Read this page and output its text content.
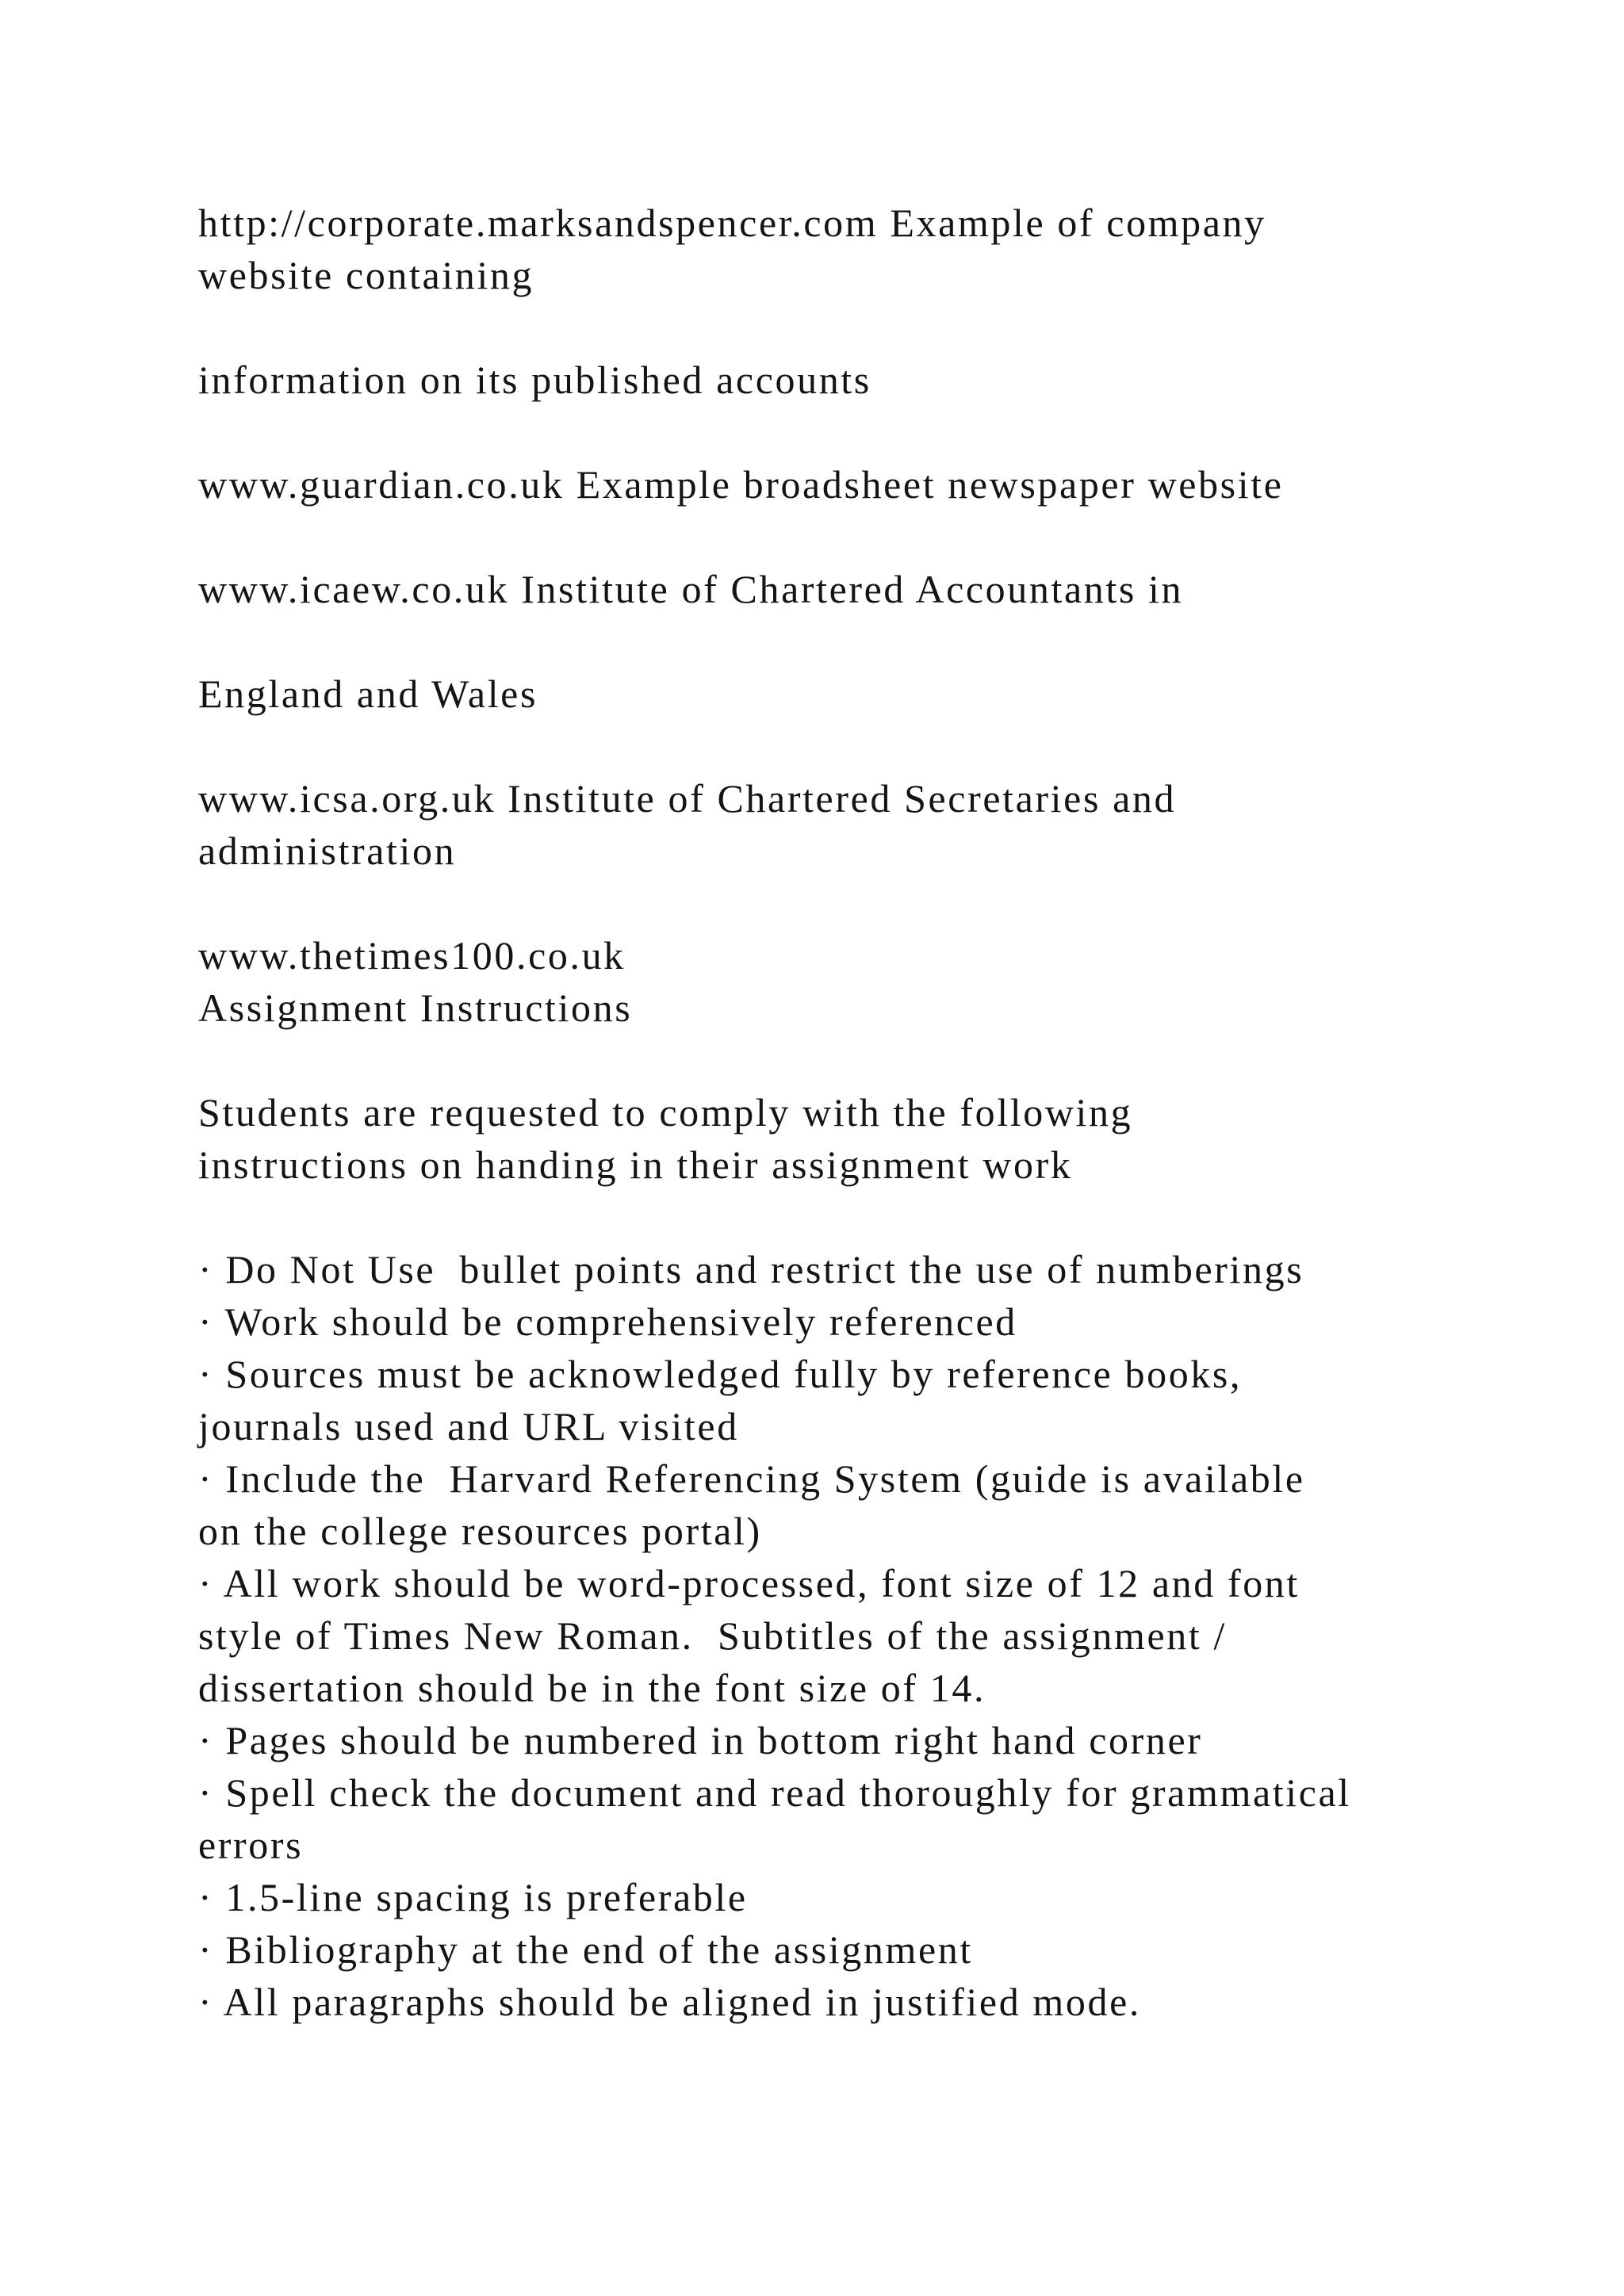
http://corporate.marksandspencer.com Example of company
website containing
information on its published accounts
www.guardian.co.uk Example broadsheet newspaper website
www.icaew.co.uk Institute of Chartered Accountants in
England and Wales
www.icsa.org.uk Institute of Chartered Secretaries and
administration
www.thetimes100.co.uk
Assignment Instructions
Students are requested to comply with the following
instructions on handing in their assignment work
· Do Not Use  bullet points and restrict the use of numberings
· Work should be comprehensively referenced
· Sources must be acknowledged fully by reference books,
journals used and URL visited
· Include the  Harvard Referencing System (guide is available
on the college resources portal)
· All work should be word-processed, font size of 12 and font
style of Times New Roman.  Subtitles of the assignment /
dissertation should be in the font size of 14.
· Pages should be numbered in bottom right hand corner
· Spell check the document and read thoroughly for grammatical
errors
· 1.5-line spacing is preferable
· Bibliography at the end of the assignment
· All paragraphs should be aligned in justified mode.
